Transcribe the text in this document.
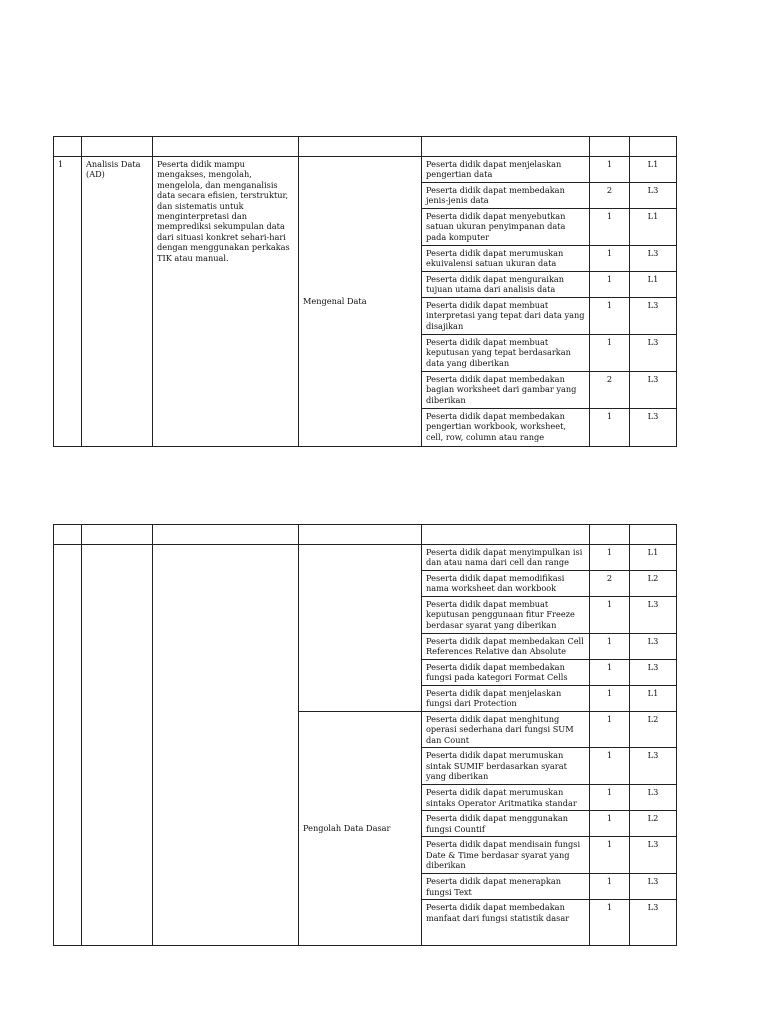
1	Analisis Data (AD)	Peserta didik mampu mengakses, mengolah, mengelola, dan menganalisis data secara efisien, terstruktur, dan sistematis untuk menginterpretasi dan memprediksi sekumpulan data dari situasi konkret sehari-hari dengan menggunakan perkakas TIK atau manual.	Mengenal Data	Peserta didik dapat menjelaskan pengertian data	1	L1
				Peserta didik dapat membedakan jenis-jenis data	2	L3
				Peserta didik dapat menyebutkan satuan ukuran penyimpanan data pada komputer	1	L1
				Peserta didik dapat merumuskan ekuivalensi satuan ukuran data	1	L3
				Peserta didik dapat menguraikan tujuan utama dari analisis data	1	L1
				Peserta didik dapat membuat interpretasi yang tepat dari data yang disajikan	1	L3
				Peserta didik dapat membuat keputusan yang tepat berdasarkan data yang diberikan	1	L3
				Peserta didik dapat membedakan bagian worksheet dari gambar yang diberikan	2	L3
				Peserta didik dapat membedakan pengertian workbook, worksheet, cell, row, column atau range	1	L3

				Peserta didik dapat menyimpulkan isi dan atau nama dari cell dan range	1	L1
				Peserta didik dapat memodifikasi nama worksheet dan workbook	2	L2
				Peserta didik dapat membuat keputusan penggunaan fitur Freeze berdasar syarat yang diberikan	1	L3
				Peserta didik dapat membedakan Cell References Relative dan Absolute	1	L3
				Peserta didik dapat membedakan fungsi pada kategori Format Cells	1	L3
				Peserta didik dapat menjelaskan fungsi dari Protection	1	L1
			Pengolah Data Dasar	Peserta didik dapat menghitung operasi sederhana dari fungsi SUM dan Count	1	L2
				Peserta didik dapat merumuskan sintak SUMIF berdasarkan syarat yang diberikan	1	L3
				Peserta didik dapat merumuskan sintaks Operator Aritmatika standar	1	L3
				Peserta didik dapat menggunakan fungsi Countif	1	L2
				Peserta didik dapat mendisain fungsi Date & Time berdasar syarat yang diberikan	1	L3
				Peserta didik dapat menerapkan fungsi Text	1	L3
				Peserta didik dapat membedakan manfaat dari fungsi statistik dasar	1	L3
